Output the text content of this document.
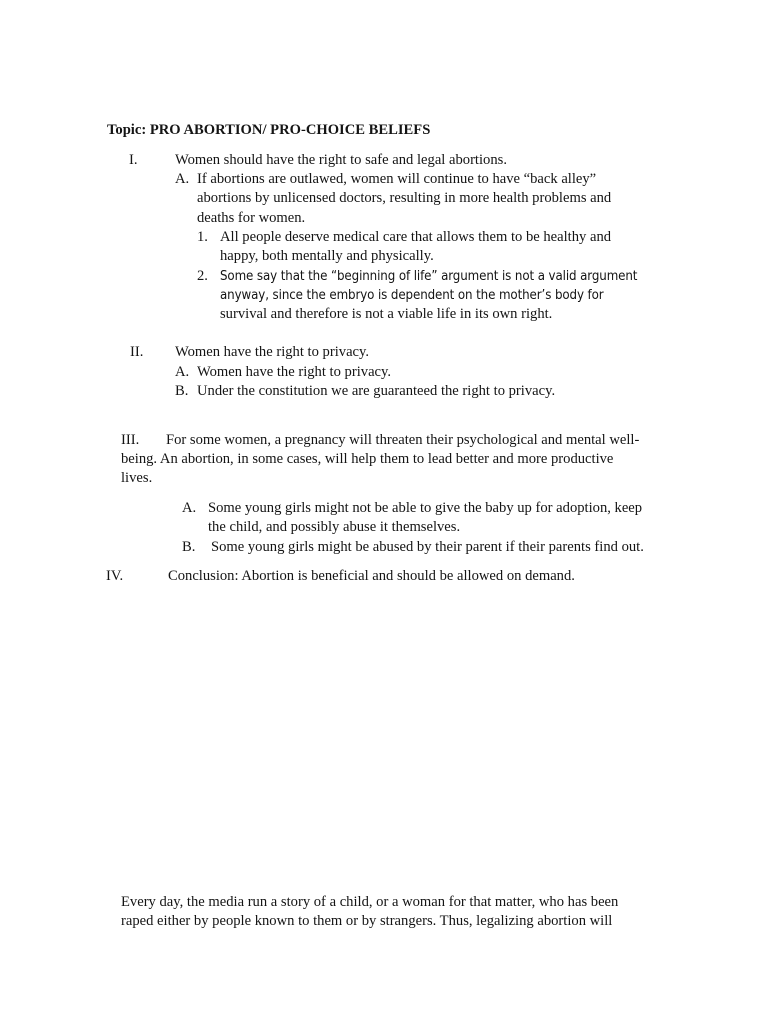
Topic: PRO ABORTION/ PRO-CHOICE BELIEFS
I.	Women should have the right to safe and legal abortions.
A. If abortions are outlawed, women will continue to have “back alley”
abortions by unlicensed doctors, resulting in more health problems and
deaths for women.
1. All people deserve medical care that allows them to be healthy and
happy, both mentally and physically.
2. Some say that the “beginning of life” argument is not a valid argument
anyway, since the embryo is dependent on the mother’s body for
survival and therefore is not a viable life in its own right.
II. Women have the right to privacy.
A. Women have the right to privacy.
B. Under the constitution we are guaranteed the right to privacy.
III. For some women, a pregnancy will threaten their psychological and mental well-
being. An abortion, in some cases, will help them to lead better and more productive
lives.
A. Some young girls might not be able to give the baby up for adoption, keep
the child, and possibly abuse it themselves.
B. Some young girls might be abused by their parent if their parents find out.
IV.	Conclusion: Abortion is beneficial and should be allowed on demand.
Every day, the media run a story of a child, or a woman for that matter, who has been
raped either by people known to them or by strangers. Thus, legalizing abortion will
